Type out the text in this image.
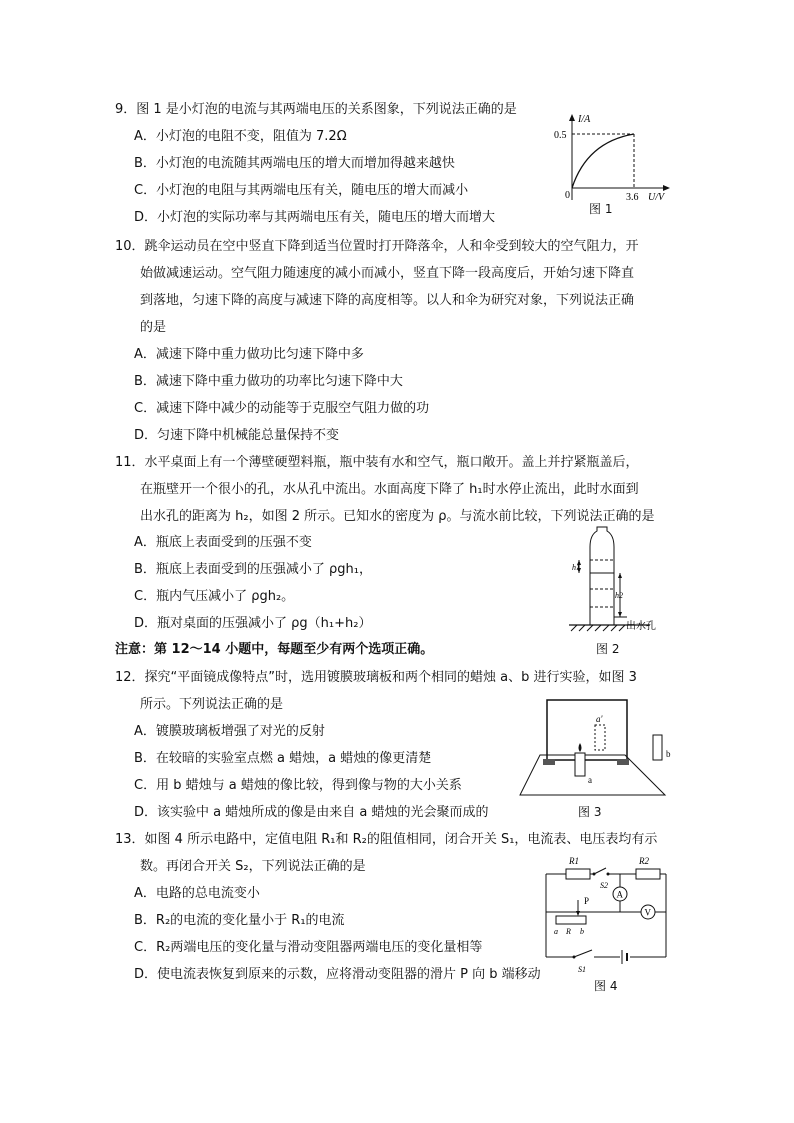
9．图 1 是小灯泡的电流与其两端电压的关系图象，下列说法正确的是
A．小灯泡的电阻不变，阻值为 7.2Ω
B．小灯泡的电流随其两端电压的增大而增加得越来越快
C．小灯泡的电阻与其两端电压有关，随电压的增大而减小
D．小灯泡的实际功率与其两端电压有关，随电压的增大而增大
I/A
0.5
0	3.6 U/V
图 1
10．跳伞运动员在空中竖直下降到适当位置时打开降落伞，人和伞受到较大的空气阻力，开
始做减速运动。空气阻力随速度的减小而减小，竖直下降一段高度后，开始匀速下降直
到落地，匀速下降的高度与减速下降的高度相等。以人和伞为研究对象，下列说法正确
的是
A．减速下降中重力做功比匀速下降中多
B．减速下降中重力做功的功率比匀速下降中大
C．减速下降中减少的动能等于克服空气阻力做的功
D．匀速下降中机械能总量保持不变
11．水平桌面上有一个薄壁硬塑料瓶，瓶中装有水和空气，瓶口敞开。盖上并拧紧瓶盖后，
在瓶壁开一个很小的孔，水从孔中流出。水面高度下降了 h₁时水停止流出，此时水面到
出水孔的距离为 h₂，如图 2 所示。已知水的密度为 ρ。与流水前比较，下列说法正确的是
A．瓶底上表面受到的压强不变
B．瓶底上表面受到的压强减小了 ρgh₁，
C．瓶内气压减小了 ρgh₂。
D．瓶对桌面的压强减小了 ρg（h₁+h₂）
h1
h2
出水孔
图 2
注意：第 12～14 小题中，每题至少有两个选项正确。
12．探究“平面镜成像特点”时，选用镀膜玻璃板和两个相同的蜡烛 a、b 进行实验，如图 3
所示。下列说法正确的是
A．镀膜玻璃板增强了对光的反射
B．在较暗的实验室点燃 a 蜡烛，a 蜡烛的像更清楚
C．用 b 蜡烛与 a 蜡烛的像比较，得到像与物的大小关系
D．该实验中 a 蜡烛所成的像是由来自 a 蜡烛的光会聚而成的
a'
a
b
图 3
13．如图 4 所示电路中，定值电阻 R₁和 R₂的阻值相同，闭合开关 S₁，电流表、电压表均有示
数。再闭合开关 S₂，下列说法正确的是
A．电路的总电流变小
B．R₂的电流的变化量小于 R₁的电流
C．R₂两端电压的变化量与滑动变阻器两端电压的变化量相等
D．使电流表恢复到原来的示数，应将滑动变阻器的滑片 P 向 b 端移动
R1	R2
S2
A
V
P
a R b
S1
图 4
